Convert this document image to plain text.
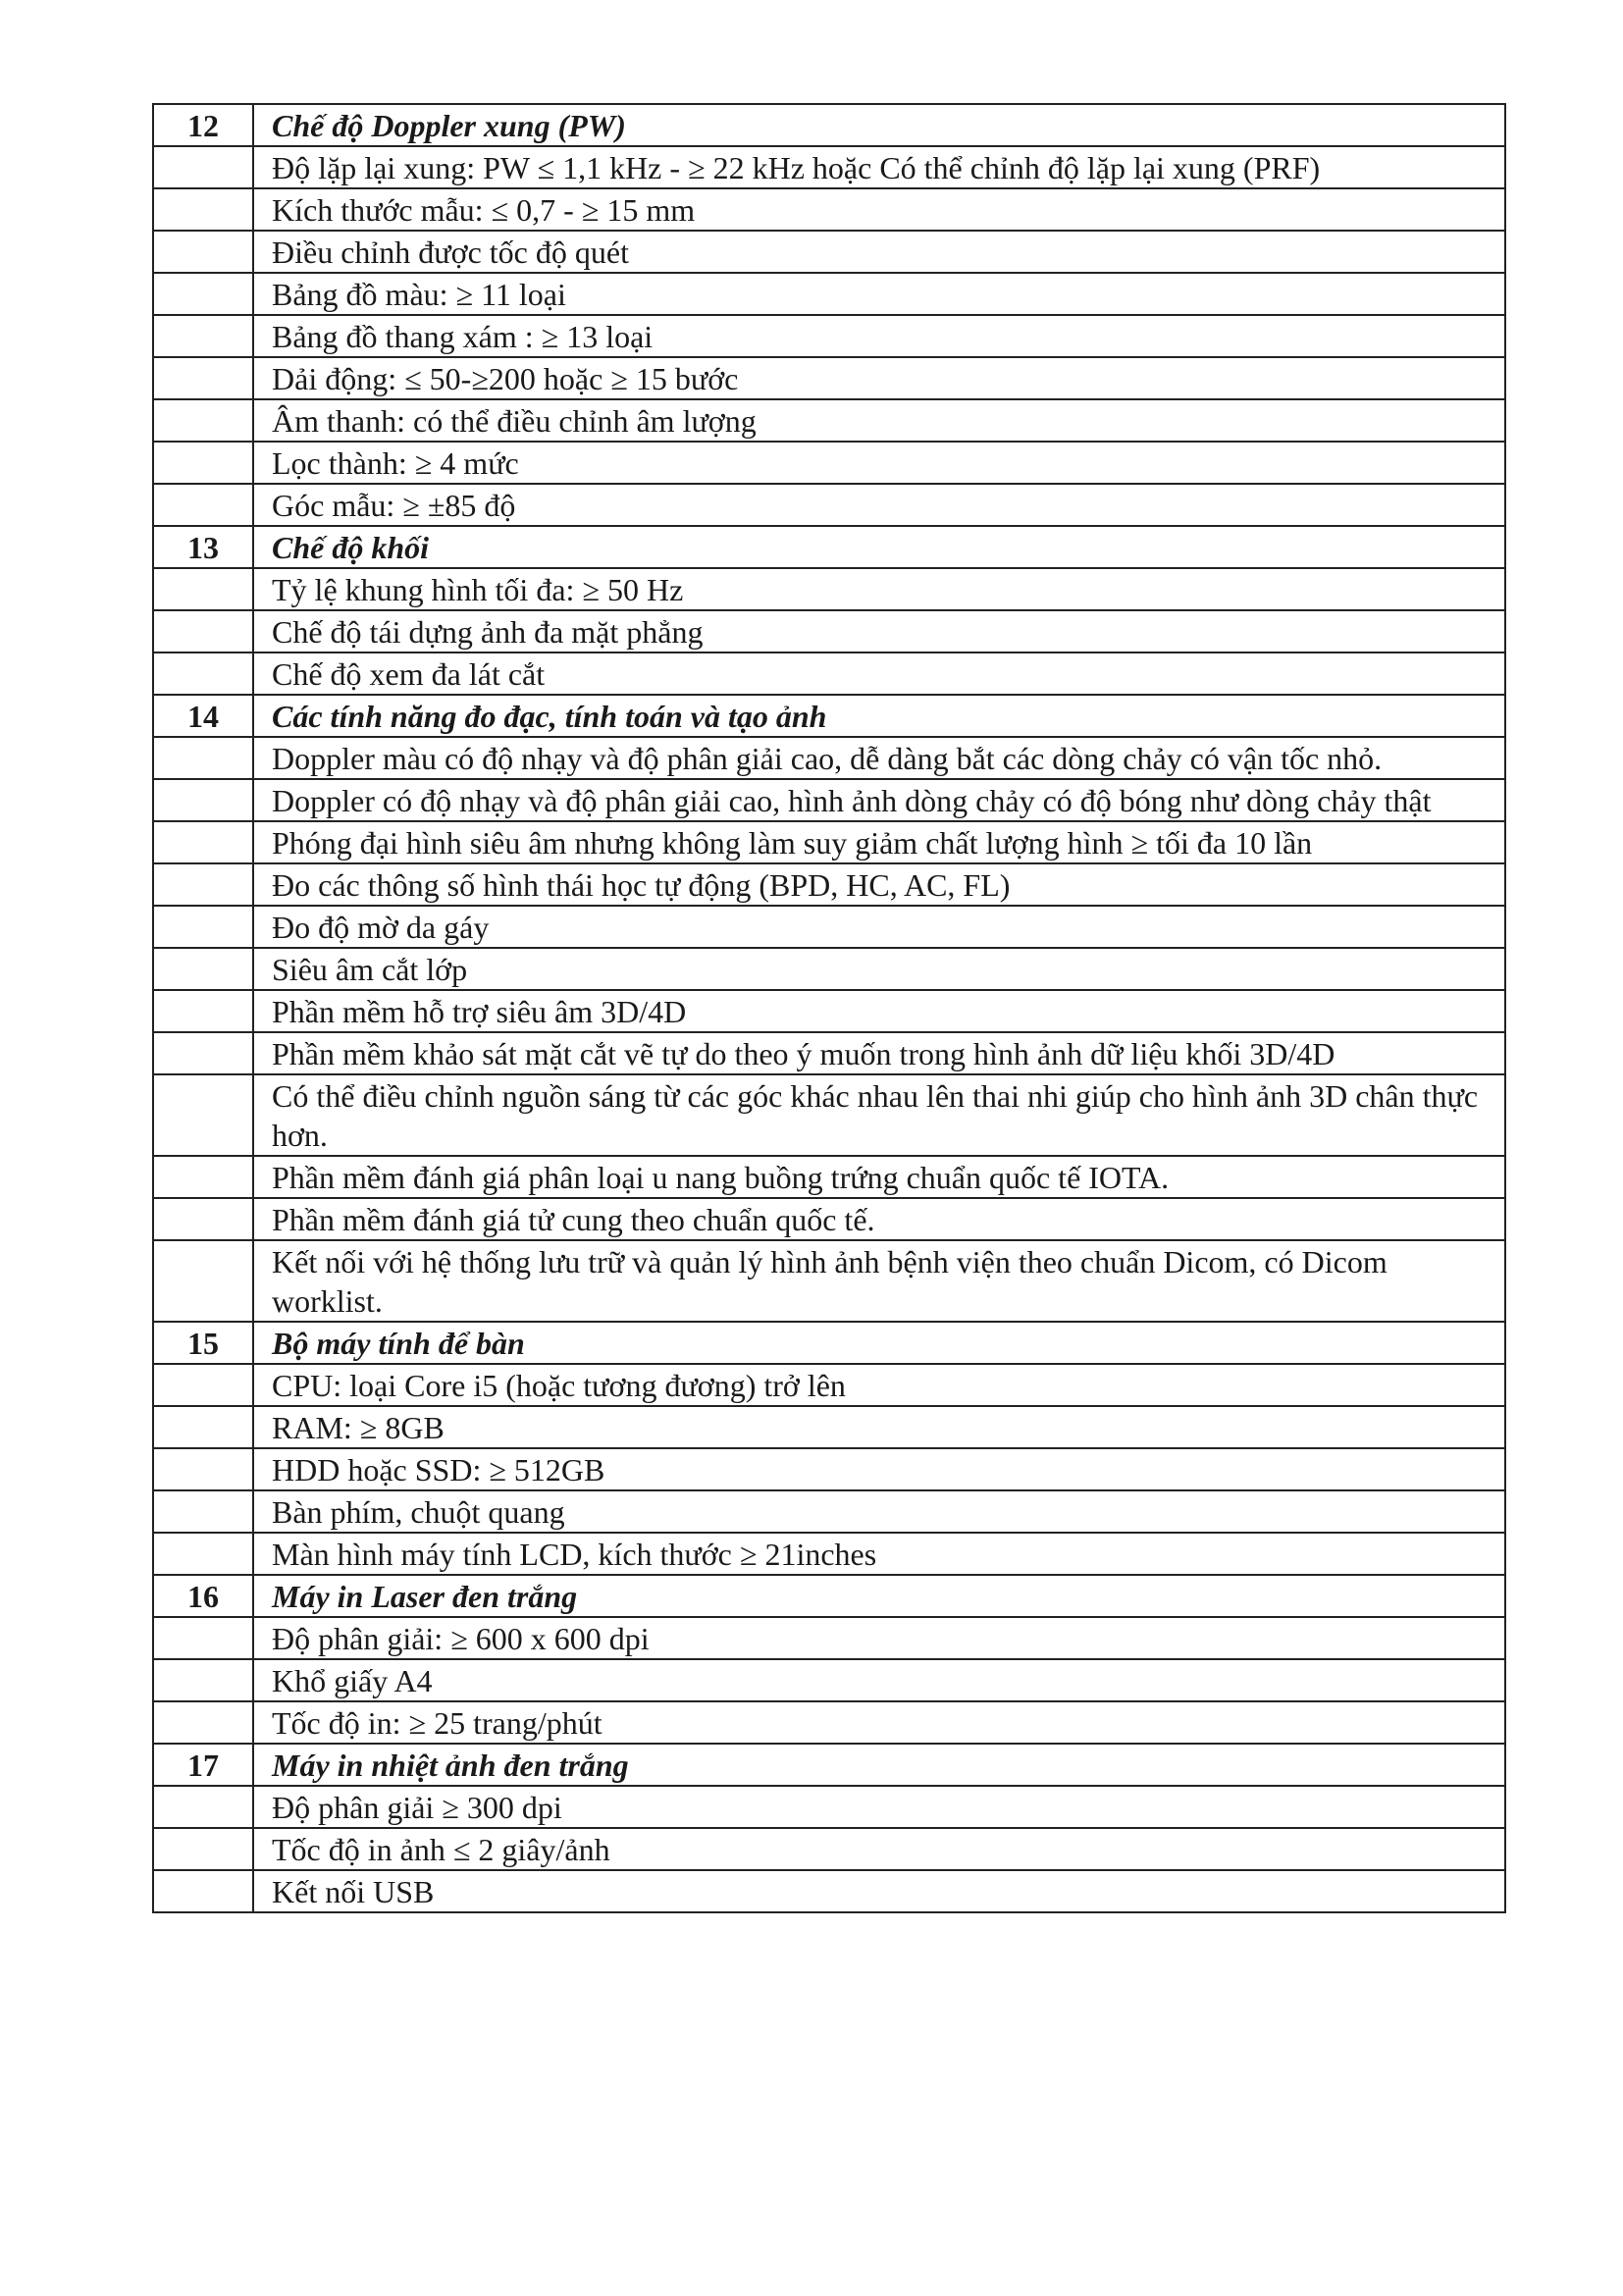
12	Chế độ Doppler xung (PW)
	Độ lặp lại xung: PW ≤ 1,1 kHz - ≥ 22 kHz hoặc Có thể chỉnh độ lặp lại xung (PRF)
	Kích thước mẫu: ≤ 0,7 - ≥ 15 mm
	Điều chỉnh được tốc độ quét
	Bảng đồ màu: ≥ 11 loại
	Bảng đồ thang xám : ≥ 13 loại
	Dải động: ≤ 50-≥200 hoặc ≥ 15 bước
	Âm thanh: có thể điều chỉnh âm lượng
	Lọc thành: ≥ 4 mức
	Góc mẫu: ≥ ±85 độ
13	Chế độ khối
	Tỷ lệ khung hình tối đa: ≥ 50 Hz
	Chế độ tái dựng ảnh đa mặt phẳng
	Chế độ xem đa lát cắt
14	Các tính năng đo đạc, tính toán và tạo ảnh
	Doppler màu có độ nhạy và độ phân giải cao, dễ dàng bắt các dòng chảy có vận tốc nhỏ.
	Doppler có độ nhạy và độ phân giải cao, hình ảnh dòng chảy có độ bóng như dòng chảy thật
	Phóng đại hình siêu âm nhưng không làm suy giảm chất lượng hình ≥ tối đa 10 lần
	Đo các thông số hình thái học tự động (BPD, HC, AC, FL)
	Đo độ mờ da gáy
	Siêu âm cắt lớp
	Phần mềm hỗ trợ siêu âm 3D/4D
	Phần mềm khảo sát mặt cắt vẽ tự do theo ý muốn trong hình ảnh dữ liệu khối 3D/4D
	Có thể điều chỉnh nguồn sáng từ các góc khác nhau lên thai nhi giúp cho hình ảnh 3D chân thực hơn.
	Phần mềm đánh giá phân loại u nang buồng trứng chuẩn quốc tế IOTA.
	Phần mềm đánh giá tử cung theo chuẩn quốc tế.
	Kết nối với hệ thống lưu trữ và quản lý hình ảnh bệnh viện theo chuẩn Dicom, có Dicom worklist.
15	Bộ máy tính để bàn
	CPU: loại Core i5 (hoặc tương đương) trở lên
	RAM: ≥ 8GB
	HDD hoặc SSD: ≥ 512GB
	Bàn phím, chuột quang
	Màn hình máy tính LCD, kích thước ≥ 21inches
16	Máy in Laser đen trắng
	Độ phân giải: ≥ 600 x 600 dpi
	Khổ giấy A4
	Tốc độ in: ≥ 25 trang/phút
17	Máy in nhiệt ảnh đen trắng
	Độ phân giải ≥ 300 dpi
	Tốc độ in ảnh ≤ 2 giây/ảnh
	Kết nối USB
